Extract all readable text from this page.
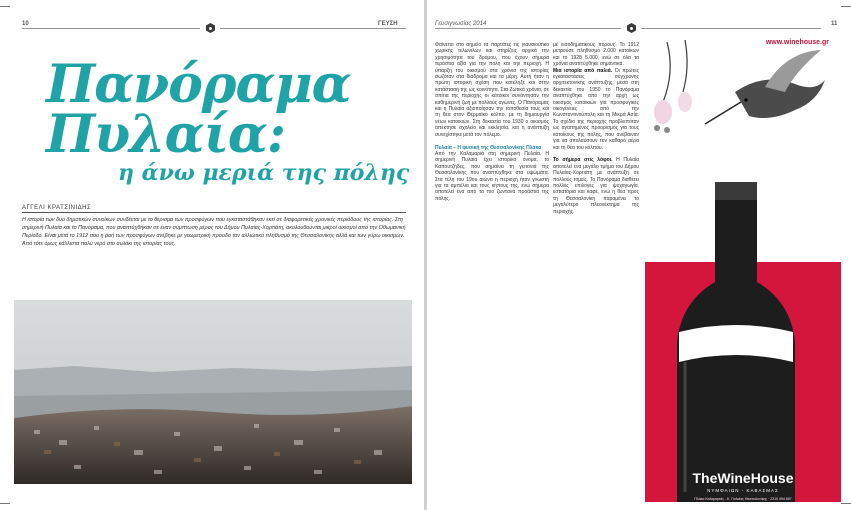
10	ΓΕΥΣΗ
Πανόραμα
Πυλαία:

η άνω μεριά της πόλης

ΑΓΓΕΛΙ ΚΡΑΤΣΙΝΙΔΗΣ

Η ιστορία των δύο δημοτικών συνοίκων συνδέεται με το θέρισμα των προσφύγων που εγκαταστάθηκαν εκεί σε διαφορετικές χρονικές περιόδους της ιστορίας. Στη σημερινή Πυλαία και το Πανόραμα, που αναπτύχθηκαν σε έναν σύμπτωση μέρος του Δήμου Πυλαίας-Χορτιάτη, ακολουθούνται μικροί οικισμοί από την Οθωμανική Περίοδο. Είναι μετά το 1912 που η ροή των προσφύγων ανέβηκε με γεωμετρική πρόοδο τον αλλιώτικό πληθυσμό της Θεσσαλονίκης αλλά και των γύρω οικισμών. Από τότε όμως κάλλιστα πολύ νερό στο αυλάκι της ιστορίας τους.

Γευσιγνωσίας 2014	11
Φαίνεται στο σημείο τα παρτάτες τις γιαυσιούτικο χωρικής τελωνιλών και στηρίζεις αρχικά την χρησιμότητα του δρόμου, που έχουν σήμερα τεράστια αξία για την πόλη και την περιοχή. Η ύπαρξη του οικισμού στα χρόνια της ιστορίας σωζόταν στα διάδρομα και τα μέρη. Αυτή ήταν η πρώτη ιστορική σχέση που κατέληξε και στην κατάστασή της ως κοινότητα. Στα Ζωτικά χρόνια, σε σπίτια της περιοχής οι κάτοικοι συνάντησαν την καθημερινή ζωή με πολλούς αγώνες. Ο Πανόραμας και η Πυλαία αξιοποίησαν την τοποθεσία τους και τη θέα στον Θερμαϊκό κόλπο, με τη δημιουργία νέων κατοικιών. Στη δεκαετία του 1930 ο οικισμός απέκτησε σχολείο και εκκλησία, και η ανάπτυξη συνεχίστηκε μετά τον πόλεμο.

Πυλαία – Η φυσική της Θεσσαλονίκης Πλάκα
Από την Καλαμαριά στη σημερινή Πυλαία. Η σημερινή Πυλαία έχει ιστορικό όνομα, το Καπουτζήδες, που σημαίνει τη γειτονιά της Θεσσαλονίκης που αναπτύχθηκε στα υψώματα. Στα τέλη του 19ου αιώνα η περιοχή ήταν γνωστή για τα αμπέλια και τους κήπους της, ενώ σήμερα αποτελεί ένα από τα πιο ζωντανά προάστια της πόλης.
με εισοδηματικούς πόρους. Το 1912 μετρούσε πληθυσμό 2.000 κατοίκων και το 1928 5.000, ενώ σε όλα τα χρόνια αναπτύχθηκε σημαντικά.
Μια ιστορία από παλιά. Οι πρώτες εγκαταστάσεις σύγχρονης αρχιτεκτονικής ανάπτυξης, μέσα στη δεκαετία του 1950 το Πανόραμα αναπτύχθηκε από την αρχή ως οικισμός κατοικιών για προσφυγικές οικογένειες από την Κωνσταντινούπολη και τη Μικρά Ασία. Το σχέδιο της περιοχής προβλεπόταν ως αγαπημένος προορισμός για τους κατοίκους της πόλης, που ανέβαιναν για να απολαύσουν τον καθαρό αέρα και τη θέα του κόλπου.

Το σήμερα στις λόφοι. Η Πυλαία αποτελεί ένα μεγάλο τμήμα του Δήμου Πυλαίας-Χορτιάτη με ανάπτυξη σε πολλούς τομείς. Το Πανόραμα διαθέτει πολλές επιλογές για ψυχαγωγία, εστιατόρια και καφέ, ενώ η θέα προς τη Θεσσαλονίκη παραμένει το μεγαλύτερο πλεονέκτημα της περιοχής.
www.winehouse.gr
TheWineHouse
ΝΥΜΦΑΙΩΝ - ΚΑΒΑΣΜΑΣ
Πλάκα Καλαμαριάς - Κ. Πυλαίας Θεσσαλονίκης · 2310 494 567
